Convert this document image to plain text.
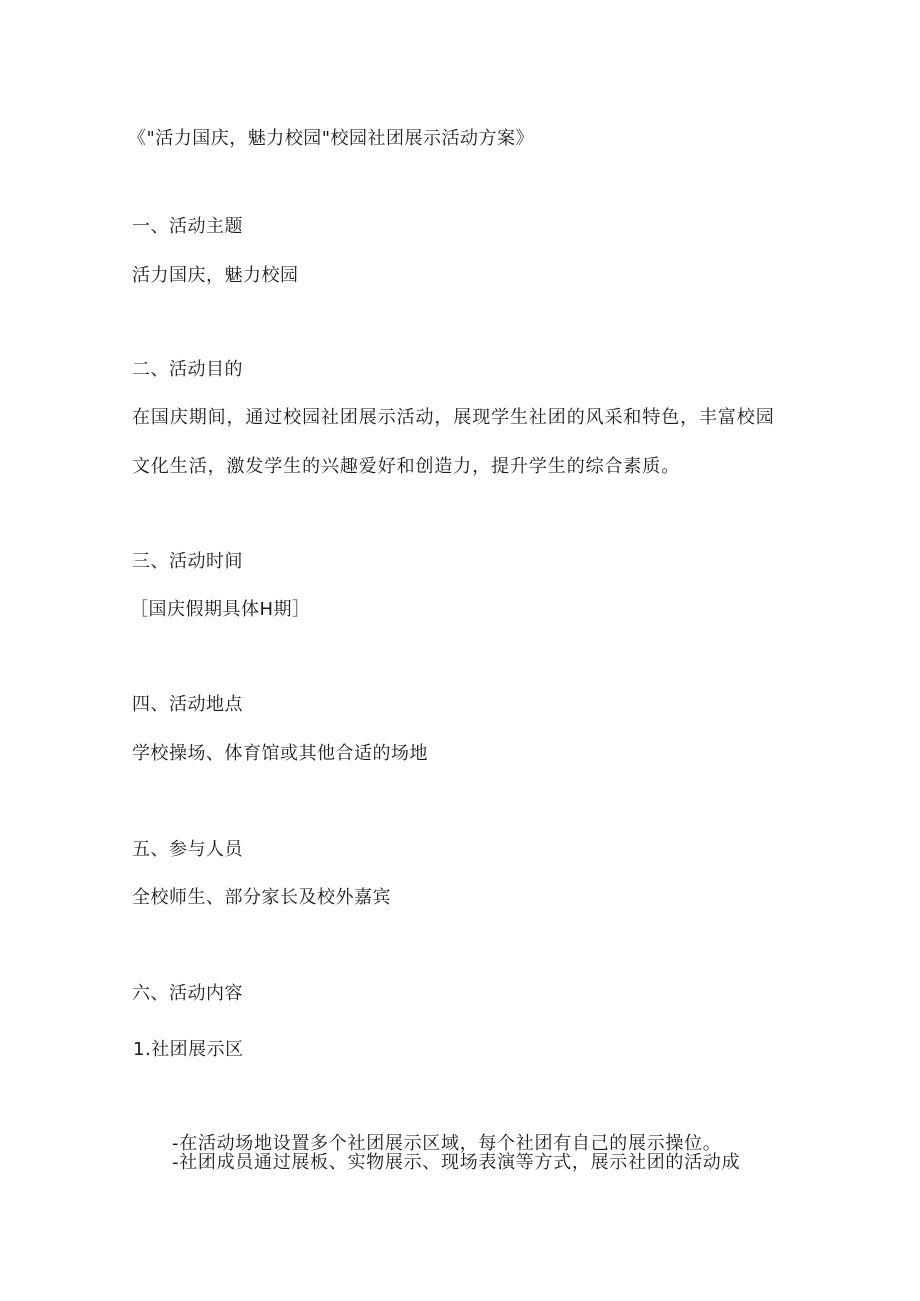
《"活力国庆，魅力校园"校园社团展示活动方案》
一、活动主题
活力国庆，魅力校园
二、活动目的
在国庆期间，通过校园社团展示活动，展现学生社团的风采和特色，丰富校园
文化生活，激发学生的兴趣爱好和创造力，提升学生的综合素质。
三、活动时间
［国庆假期具体H期］
四、活动地点
学校操场、体育馆或其他合适的场地
五、参与人员
全校师生、部分家长及校外嘉宾
六、活动内容
1.社团展示区
-在活动场地设置多个社团展示区域，每个社团有自己的展示操位。
-社团成员通过展板、实物展示、现场表演等方式，展示社团的活动成
